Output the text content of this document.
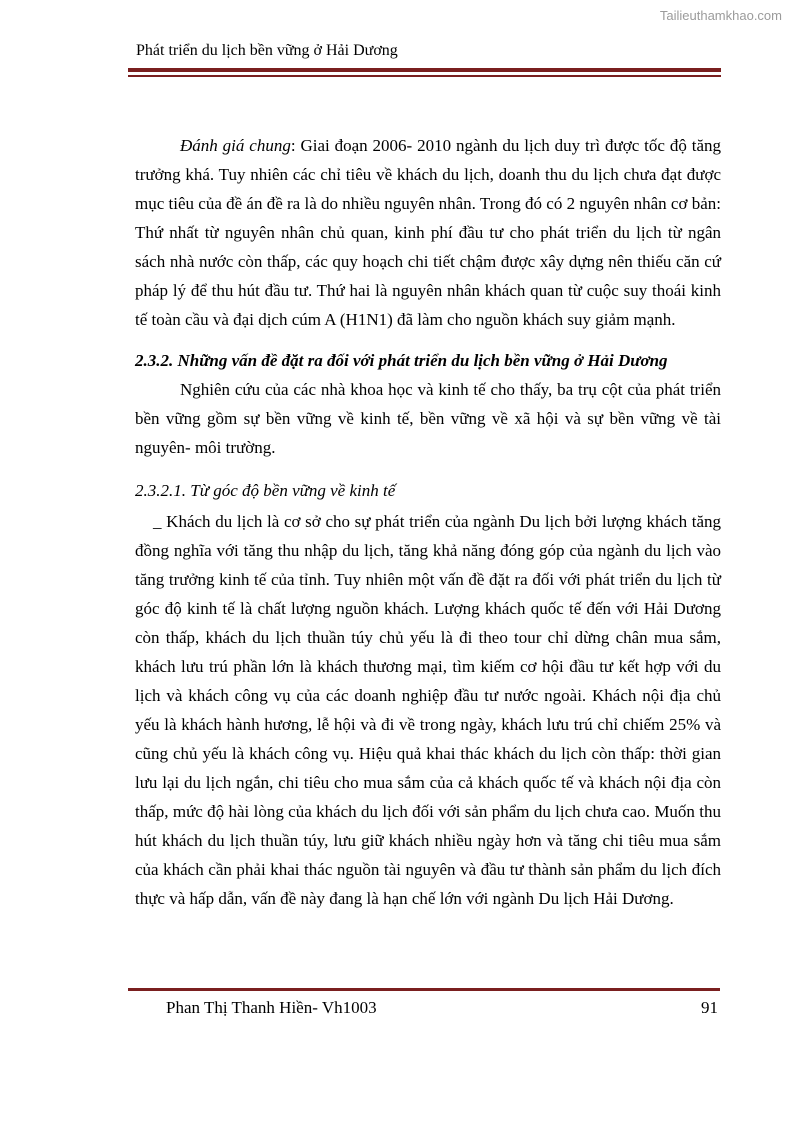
Tailieuthamkhao.com
Phát triển du lịch bền vững ở Hải Dương

Đánh giá chung: Giai đoạn 2006- 2010 ngành du lịch duy trì được tốc độ tăng trưởng khá. Tuy nhiên các chỉ tiêu về khách du lịch, doanh thu du lịch chưa đạt được mục tiêu của đề án đề ra là do nhiều nguyên nhân. Trong đó có 2 nguyên nhân cơ bản: Thứ nhất từ nguyên nhân chủ quan, kinh phí đầu tư cho phát triển du lịch từ ngân sách nhà nước còn thấp, các quy hoạch chi tiết chậm được xây dựng nên thiếu căn cứ pháp lý để thu hút đầu tư. Thứ hai là nguyên nhân khách quan từ cuộc suy thoái kinh tế toàn cầu và đại dịch cúm A (H1N1) đã làm cho nguồn khách suy giảm mạnh.

2.3.2. Những vấn đề đặt ra đối với phát triển du lịch bền vững ở Hải Dương

Nghiên cứu của các nhà khoa học và kinh tế cho thấy, ba trụ cột của phát triển bền vững gồm sự bền vững về kinh tế, bền vững về xã hội và sự bền vững về tài nguyên- môi trường.

2.3.2.1. Từ góc độ bền vững về kinh tế

_ Khách du lịch là cơ sở cho sự phát triển của ngành Du lịch bởi lượng khách tăng đồng nghĩa với tăng thu nhập du lịch, tăng khả năng đóng góp của ngành du lịch vào tăng trưởng kinh tế của tỉnh. Tuy nhiên một vấn đề đặt ra đối với phát triển du lịch từ góc độ kinh tế là chất lượng nguồn khách. Lượng khách quốc tế đến với Hải Dương còn thấp, khách du lịch thuần túy chủ yếu là đi theo tour chỉ dừng chân mua sắm, khách lưu trú phần lớn là khách thương mại, tìm kiếm cơ hội đầu tư kết hợp với du lịch và khách công vụ của các doanh nghiệp đầu tư nước ngoài. Khách nội địa chủ yếu là khách hành hương, lễ hội và đi về trong ngày, khách lưu trú chỉ chiếm 25% và cũng chủ yếu là khách công vụ. Hiệu quả khai thác khách du lịch còn thấp: thời gian lưu lại du lịch ngắn, chi tiêu cho mua sắm của cả khách quốc tế và khách nội địa còn thấp, mức độ hài lòng của khách du lịch đối với sản phẩm du lịch chưa cao. Muốn thu hút khách du lịch thuần túy, lưu giữ khách nhiều ngày hơn và tăng chi tiêu mua sắm của khách cần phải khai thác nguồn tài nguyên và đầu tư thành sản phẩm du lịch đích thực và hấp dẫn, vấn đề này đang là hạn chế lớn với ngành Du lịch Hải Dương.

Phan Thị Thanh Hiền- Vh1003	91
